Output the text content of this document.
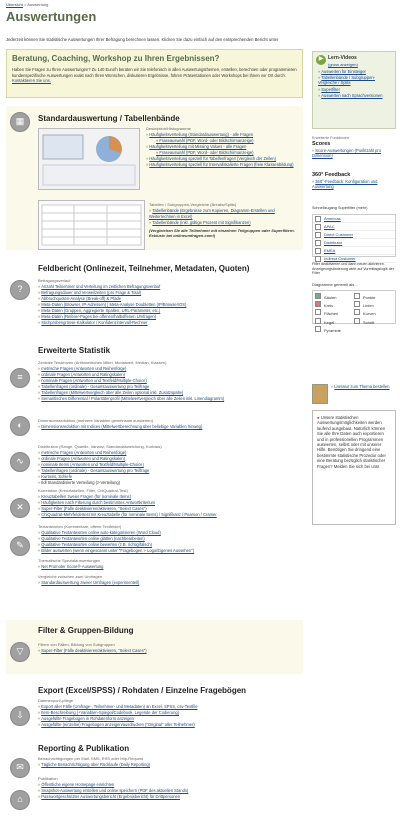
Übersicht > Auswertung
Auswertungen
Jederzeit können Sie statistische Auswertungen Ihrer Befragung berechnen lassen. Klicken Sie dazu einfach auf den entsprechenden Bericht unter
Beratung, Coaching, Workshop zu Ihren Ergebnissen?

Haben Sie Fragen zu Ihren Auswertungen? Zu 140 Euro/h beraten wir Sie telefonisch in allen Auswertungsthemen, erstellen, berechnen oder programmieren kundenspezifische Auswertungen exakt nach Ihren Wünschen, diskutieren Ergebnisse, führen Präsentationen oder Workshops bei Ihnen vor Ort durch. Kontaktieren Sie uns.

▶ Lern-Videos
(gross anzeigen)
»Auswerten für Einsteiger
»Tabellenbände / Subgruppen-Vergleiche / Splits
»Superfilter
»Auswerten nach Sprachversionen
▦	Standardauswertung / Tabellenbände
Deskription/Histogramme
»Häufigkeitsverteilung (Standardauswertung) - alle Fragen
» Fraseauswahl (PDF, Word- oder Bildschirmanzeige)
»Häufigkeitsverteilung mit Missing Values - alle Fragen
» Fraseauswahl (PDF, Word- oder Bildschirmanzeige)
»Häufigkeitsverteilung speziell für Tabellenfragen (Vergleich der Zeilen)
»Häufigkeitsverteilung speziell für Intervallskalierte Fragen (freie Klassenbildung)
Tabellen / Subgruppen-Vergleiche (Breaks/Splits)
»Tabellenbände (Ergebnisse zum Kopieren, Diagramm-Erstellen und Weiterrechnen in Excel)
»Tabellenbände (inkl. gültige Prozent mit Signifikanzen)
(Vergleichen Sie alle Teilnehmer mit einzelnen Teilgruppen oder Superfiltern. Exklusiv bei onlineumfragen.com!)
?
Feldbericht (Onlinezeit, Teilnehmer, Metadaten, Quoten)
Befragungsverlauf
»Anzahl Teilnehmer und Verteilung im zeitlichen Befragungsverlauf
»Befragungsdauer und Verweilzeiten (pro Frage & Total)
»Abbruchquoten-Analyse (Break-off) & Pfade
»Meta-Daten (Browser, IP-Adressen) | Meta-Analyse Doubletten (IP/Browser/OS)
»Meta-Daten (Gruppen, Aggregierte Spalten, URL-Parameter, etc.)
»Meta-Daten (Referer-Pages bei offenen/halboffenen Umfragen)
»Stichprobengrösse-Kalkulator / Konfidenzintervall-Rechner
Erweiterte Statistik
≡
Zentrale Tendenzen (Arithmetisches Mittel, Modalwert, Median, Klassen)
»metrische Fragen (Antworten und Reihenfolge)
»ordinale Fragen (Antworten und Ratingskalen)
»nominale Fragen (Antworten und Textfeld/Multiple-Choice)
»Tabellenfragen (ordinale) - Gesamtauswertung pro Teilfrage
»Tabellenfragen (Mittelwertvergleich über alle Zeilen optional inkl. Zusatzspalte)
»Semantisches Differential / Polaritätenprofil (Mittelwertvergleich über alle Zeilen inkl. Linendiagramm)
◐	Dimensionsreduktion (mehrere Variablen gemeinsam auswerten)
»Dimensionsreduktion mit Indices (Mittelwertberechnung über beliebige Variablen hinweg)
∿
Distribution (Range, Quartile, Varianz, Standardabweichung, Kurtosis)
»metrische Fragen (Antworten und Reihenfolge)
»ordinale Fragen (Antworten und Ratingskalen)
»nominale Items (Antworten und Textfeld/Multiple-Choice)
»Tabellenfragen (ordinale) - Gesamtauswertung pro Teilfrage
»Kurtosis, Schiefe
»Ildl Standardisierte Verteilung (z-Verteilung)
✕
Korrelation (Kreuztabellen, Filter, ChiQuadrat-Test)
»Kreuztabellen zweier Fragen (für nominale Items)
»Häufigkeiten nach Filterung durch bestimmtes Antwortkriterium
»Super-Filter (Falle deaktivieren/aktivieren, "Select Cases")
»ChiQuadrat-Mehrfeldertest mit Kreuztabelle (für nominale Items) / Signifikanz / Pearson / Cramer
✎
Textantworten (Kommentare, offene Textfelder)
»Qualitative Textantworten online auto-kategorisieren (Word Cloud)
»Qualitative Textantworten online glätten (nachbearbeiten)
»Qualitative Textantworten online bewerten (z.B. richtig/falsch)
»Bilder auswerten (wenn eingescannt unter "Fragebogen > Logo/Eigenes Aussehen")
Thematische Spezialauswertungen
»Net Promoter Score®-Auswertung
Vergleiche zwischen zwei Umfragen
»Standardauswertung zweier Umfragen (experimentell)
Filter & Gruppen-Bildung
▽
Filtern von Fällen, Bildung von Subgruppen
»Super-Filter (Falle deaktivieren/aktivieren, "Select Cases")
Export (Excel/SPSS) / Rohdaten / Einzelne Fragebögen
⇩
Datenexport/-pflege
»Export aller Fälle (Umfrage-, Teilnehmer- und Metadaten) an Excel, SPSS, csv-Textfile
»Item-Beschreibung (+Variablen-Spiegel/Codebook, Legende der Codierung)
»Ausgefüllte Fragebogen in Rohdatenform anzeigen
»Ausgefüllte (einzelne) Fragebogen anzeigen/ausdrucken ("Original" aller Teilnehmer)
Reporting & Publikation
✉
Benachrichtigungen per Mail, SMS, RSS oder http-Request
»Tägliche Benachrichtigung über Rücklaufe (Daily Reporting)
⌂
Publikation
»Öffentliche eigene Homepage einrichten
»Snapshot-Auswertung erstellen und online speichern (PDF des aktuellen Stands)
»Passwortgeschützter Auswertungsbericht (Ergebnisbericht) für Drittpersonen
Erweiterte Funktionen
Scores
»Score-Auswertungen (Punktzahl pro Dimension)
360° Feedback
»360°-Feedback: Konfiguration und Auswertung
Schnellzugang Superfilter (mehr)
Americas
APAC
Direct Customer
Distributor
EMEA
Indirect Customer
Filter deaktivieren und dann neuen aktivieren. Anzeigeungsänderung wirkt auf Vormittagslogik der Filter
Diagramme generell als...
Säulen	Punkte
Kreis	Linien
Flächen	Kurven
Kegel	Schrift
Pyramide
»Literatur zum Thema bestellen
● Unsere statistischen Auswertungsmöglichkeiten werden laufend ausgebaut. Natürlich können Sie alle Ihre Daten auch exportieren und in professionellen Programmen auswerten, selbst oder mit unserer Hilfe. Benötigen Sie dringend eine bestimmte statistische Prozedur oder eine Beratung bezüglich statistischer Fragen? Melden Sie sich bei uns!
